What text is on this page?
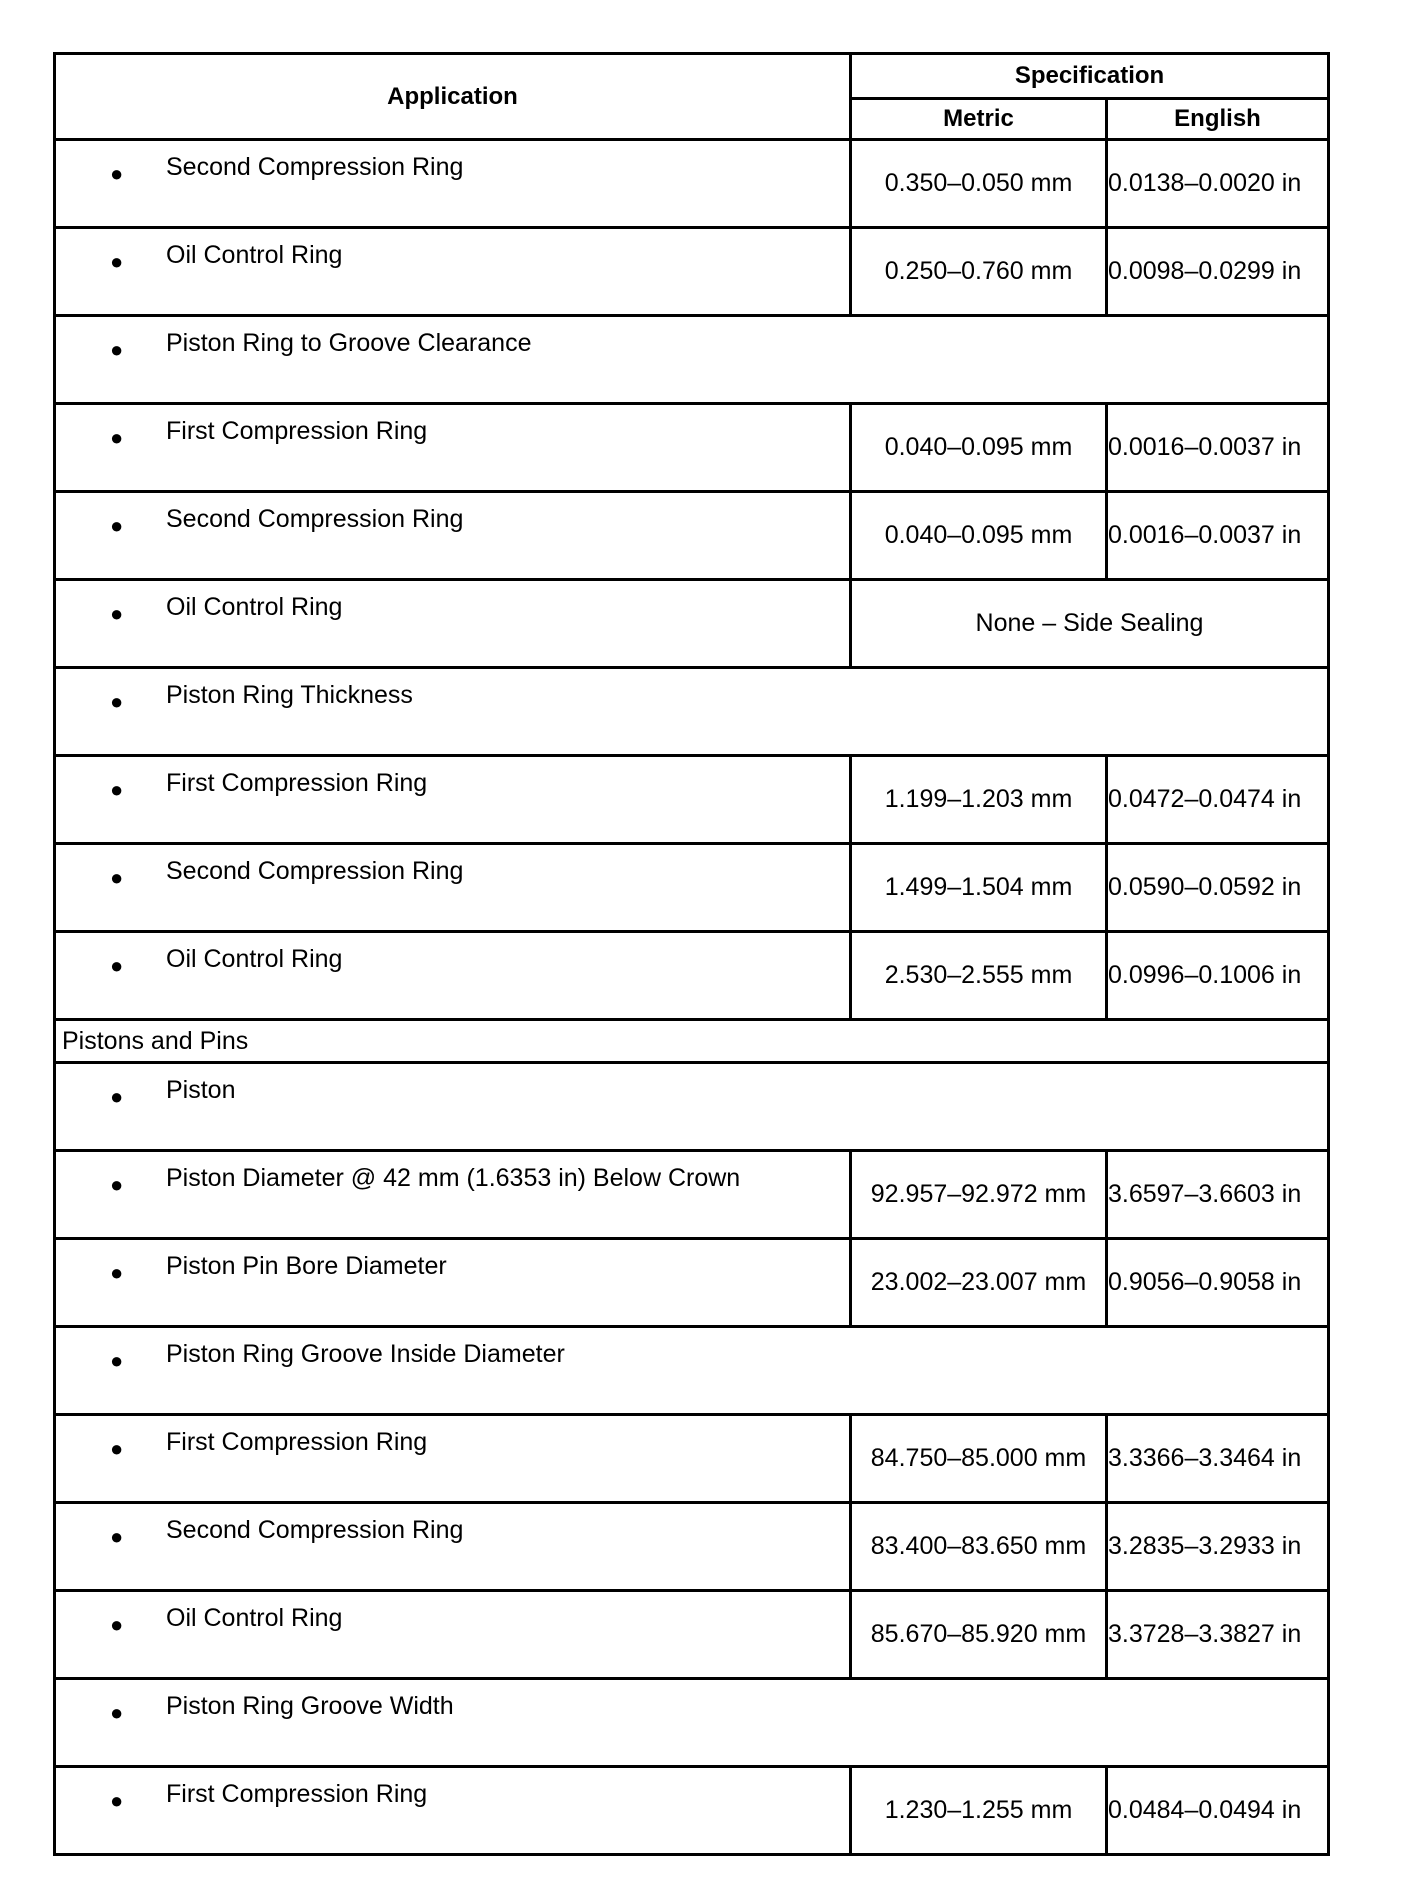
Application	Specification	
	Metric	English

● Second Compression Ring	0.350–0.050 mm	0.0138–0.0020 in

● Oil Control Ring	0.250–0.760 mm	0.0098–0.0299 in

● Piston Ring to Groove Clearance		

● First Compression Ring	0.040–0.095 mm	0.0016–0.0037 in

● Second Compression Ring	0.040–0.095 mm	0.0016–0.0037 in

● Oil Control Ring	None – Side Sealing	

● Piston Ring Thickness		

● First Compression Ring	1.199–1.203 mm	0.0472–0.0474 in

● Second Compression Ring	1.499–1.504 mm	0.0590–0.0592 in

● Oil Control Ring	2.530–2.555 mm	0.0996–0.1006 in
Pistons and Pins		

● Piston		

● Piston Diameter @ 42 mm (1.6353 in) Below Crown	92.957–92.972 mm	3.6597–3.6603 in

● Piston Pin Bore Diameter	23.002–23.007 mm	0.9056–0.9058 in

● Piston Ring Groove Inside Diameter		

● First Compression Ring	84.750–85.000 mm	3.3366–3.3464 in

● Second Compression Ring	83.400–83.650 mm	3.2835–3.2933 in

● Oil Control Ring	85.670–85.920 mm	3.3728–3.3827 in

● Piston Ring Groove Width		

● First Compression Ring	1.230–1.255 mm	0.0484–0.0494 in
